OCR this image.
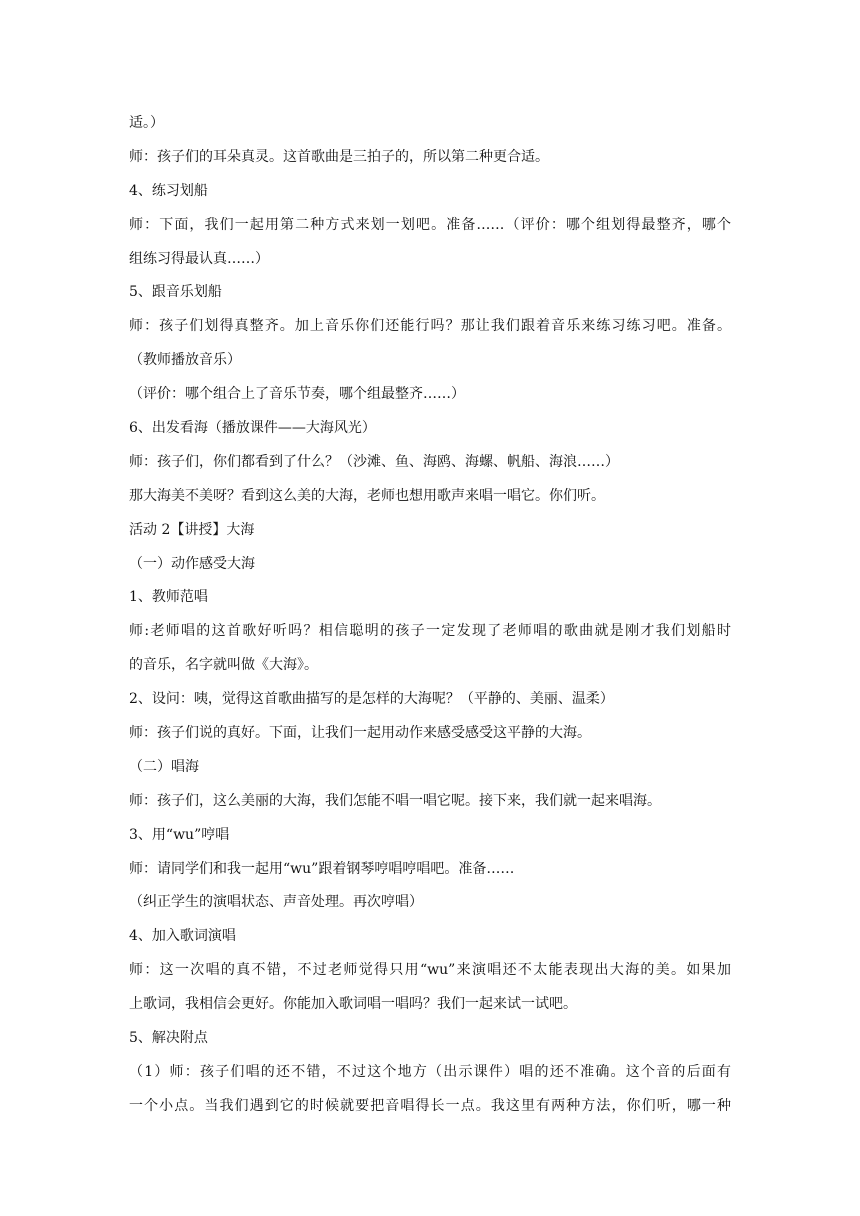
适。）
师：孩子们的耳朵真灵。这首歌曲是三拍子的，所以第二种更合适。
4、练习划船
师：下面，我们一起用第二种方式来划一划吧。准备……（评价：哪个组划得最整齐，哪个
组练习得最认真……）
5、跟音乐划船
师：孩子们划得真整齐。加上音乐你们还能行吗？那让我们跟着音乐来练习练习吧。准备。
（教师播放音乐）
（评价：哪个组合上了音乐节奏，哪个组最整齐……）
6、出发看海（播放课件——大海风光）
师：孩子们，你们都看到了什么？（沙滩、鱼、海鸥、海螺、帆船、海浪……）
那大海美不美呀？看到这么美的大海，老师也想用歌声来唱一唱它。你们听。
活动 2【讲授】大海
（一）动作感受大海
1、教师范唱
师:老师唱的这首歌好听吗？相信聪明的孩子一定发现了老师唱的歌曲就是刚才我们划船时
的音乐，名字就叫做《大海》。
2、设问：咦，觉得这首歌曲描写的是怎样的大海呢？（平静的、美丽、温柔）
师：孩子们说的真好。下面，让我们一起用动作来感受感受这平静的大海。
（二）唱海
师：孩子们，这么美丽的大海，我们怎能不唱一唱它呢。接下来，我们就一起来唱海。
3、用“wu”哼唱
师：请同学们和我一起用“wu”跟着钢琴哼唱哼唱吧。准备……
（纠正学生的演唱状态、声音处理。再次哼唱）
4、加入歌词演唱
师：这一次唱的真不错，不过老师觉得只用“wu”来演唱还不太能表现出大海的美。如果加
上歌词，我相信会更好。你能加入歌词唱一唱吗？我们一起来试一试吧。
5、解决附点
（1）师：孩子们唱的还不错，不过这个地方（出示课件）唱的还不准确。这个音的后面有
一个小点。当我们遇到它的时候就要把音唱得长一点。我这里有两种方法，你们听，哪一种
